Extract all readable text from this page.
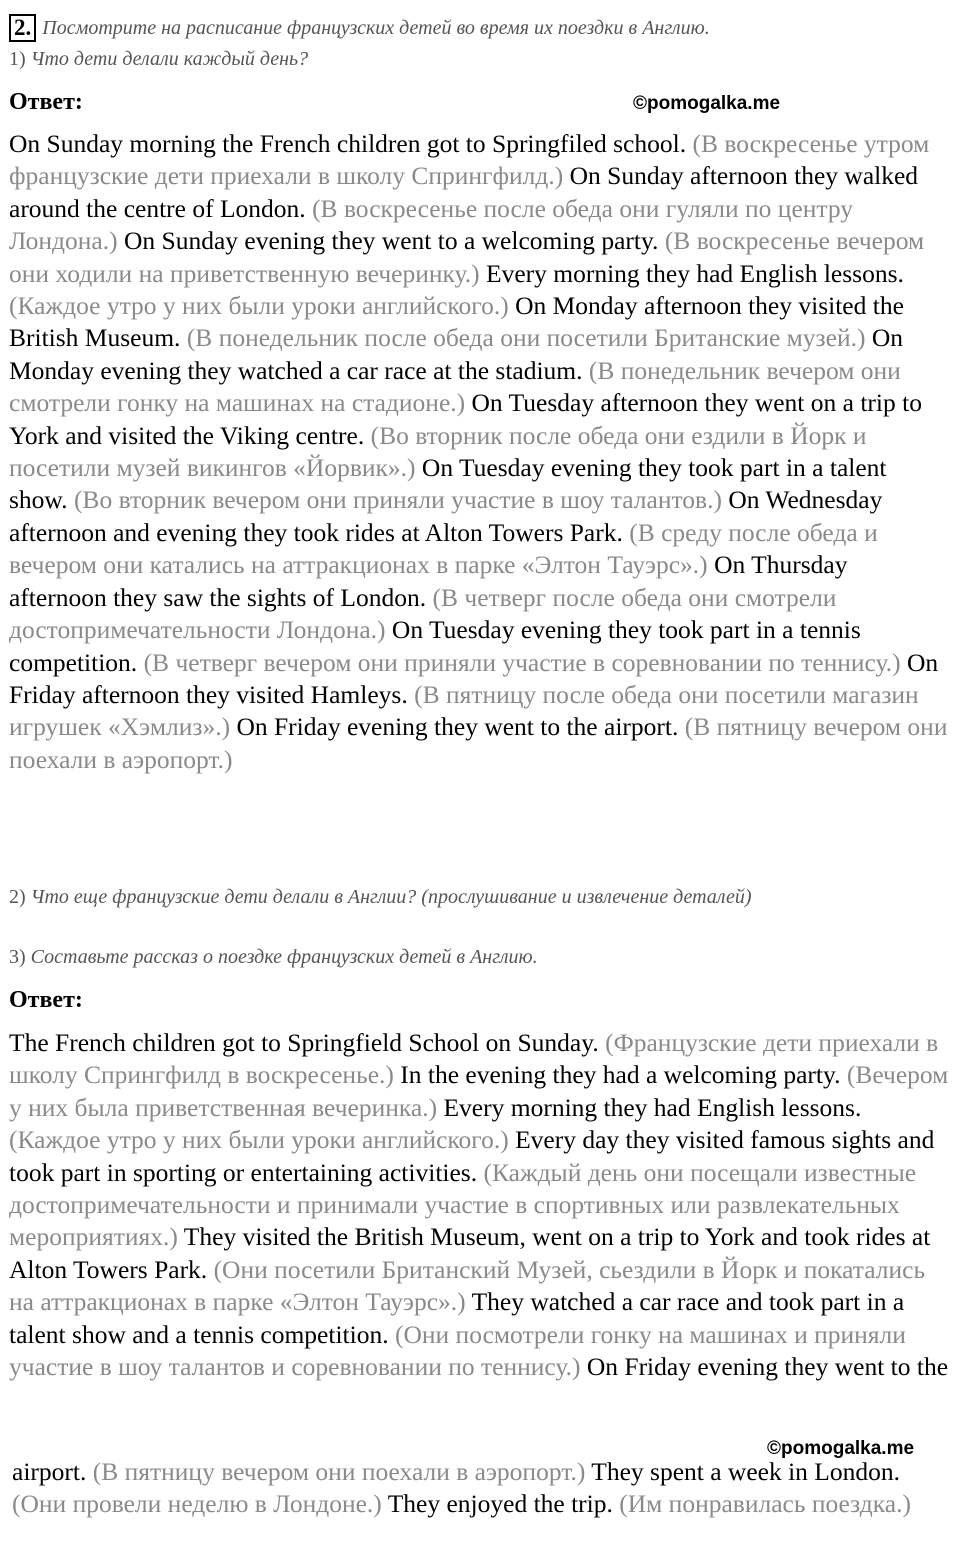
2. Посмотрите на расписание французских детей во время их поездки в Англию.
1) Что дети делали каждый день?
Ответ:	©pomogalka.me

On Sunday morning the French children got to Springfiled school. (В воскресенье утром французские дети приехали в школу Спрингфилд.) On Sunday afternoon they walked around the centre of London. (В воскресенье после обеда они гуляли по центру Лондона.) On Sunday evening they went to a welcoming party. (В воскресенье вечером они ходили на приветственную вечеринку.) Every morning they had English lessons. (Каждое утро у них были уроки английского.) On Monday afternoon they visited the British Museum. (В понедельник после обеда они посетили Британские музей.) On Monday evening they watched a car race at the stadium. (В понедельник вечером они смотрели гонку на машинах на стадионе.) On Tuesday afternoon they went on a trip to York and visited the Viking centre. (Во вторник после обеда они ездили в Йорк и посетили музей викингов «Йорвик».) On Tuesday evening they took part in a talent show. (Во вторник вечером они приняли участие в шоу талантов.) On Wednesday afternoon and evening they took rides at Alton Towers Park. (В среду после обеда и вечером они катались на аттракционах в парке «Элтон Тауэрс».) On Thursday afternoon they saw the sights of London. (В четверг после обеда они смотрели достопримечательности Лондона.) On Tuesday evening they took part in a tennis competition. (В четверг вечером они приняли участие в соревновании по теннису.) On Friday afternoon they visited Hamleys. (В пятницу после обеда они посетили магазин игрушек «Хэмлиз».) On Friday evening they went to the airport. (В пятницу вечером они поехали в аэропорт.)

2) Что еще французские дети делали в Англии? (прослушивание и извлечение деталей)
3) Составьте рассказ о поездке французских детей в Англию.
Ответ:

The French children got to Springfield School on Sunday. (Французские дети приехали в школу Спрингфилд в воскресенье.) In the evening they had a welcoming party. (Вечером у них была приветственная вечеринка.) Every morning they had English lessons. (Каждое утро у них были уроки английского.) Every day they visited famous sights and took part in sporting or entertaining activities. (Каждый день они посещали известные достопримечательности и принимали участие в спортивных или развлекательных мероприятиях.) They visited the British Museum, went on a trip to York and took rides at Alton Towers Park. (Они посетили Британский Музей, сьездили в Йорк и покатались на аттракционах в парке «Элтон Тауэрс».) They watched a car race and took part in a talent show and a tennis competition. (Они посмотрели гонку на машинах и приняли участие в шоу талантов и соревновании по теннису.) On Friday evening they went to the

©pomogalka.me

airport. (В пятницу вечером они поехали в аэропорт.) They spent a week in London. (Они провели неделю в Лондоне.) They enjoyed the trip. (Им понравилась поездка.)
